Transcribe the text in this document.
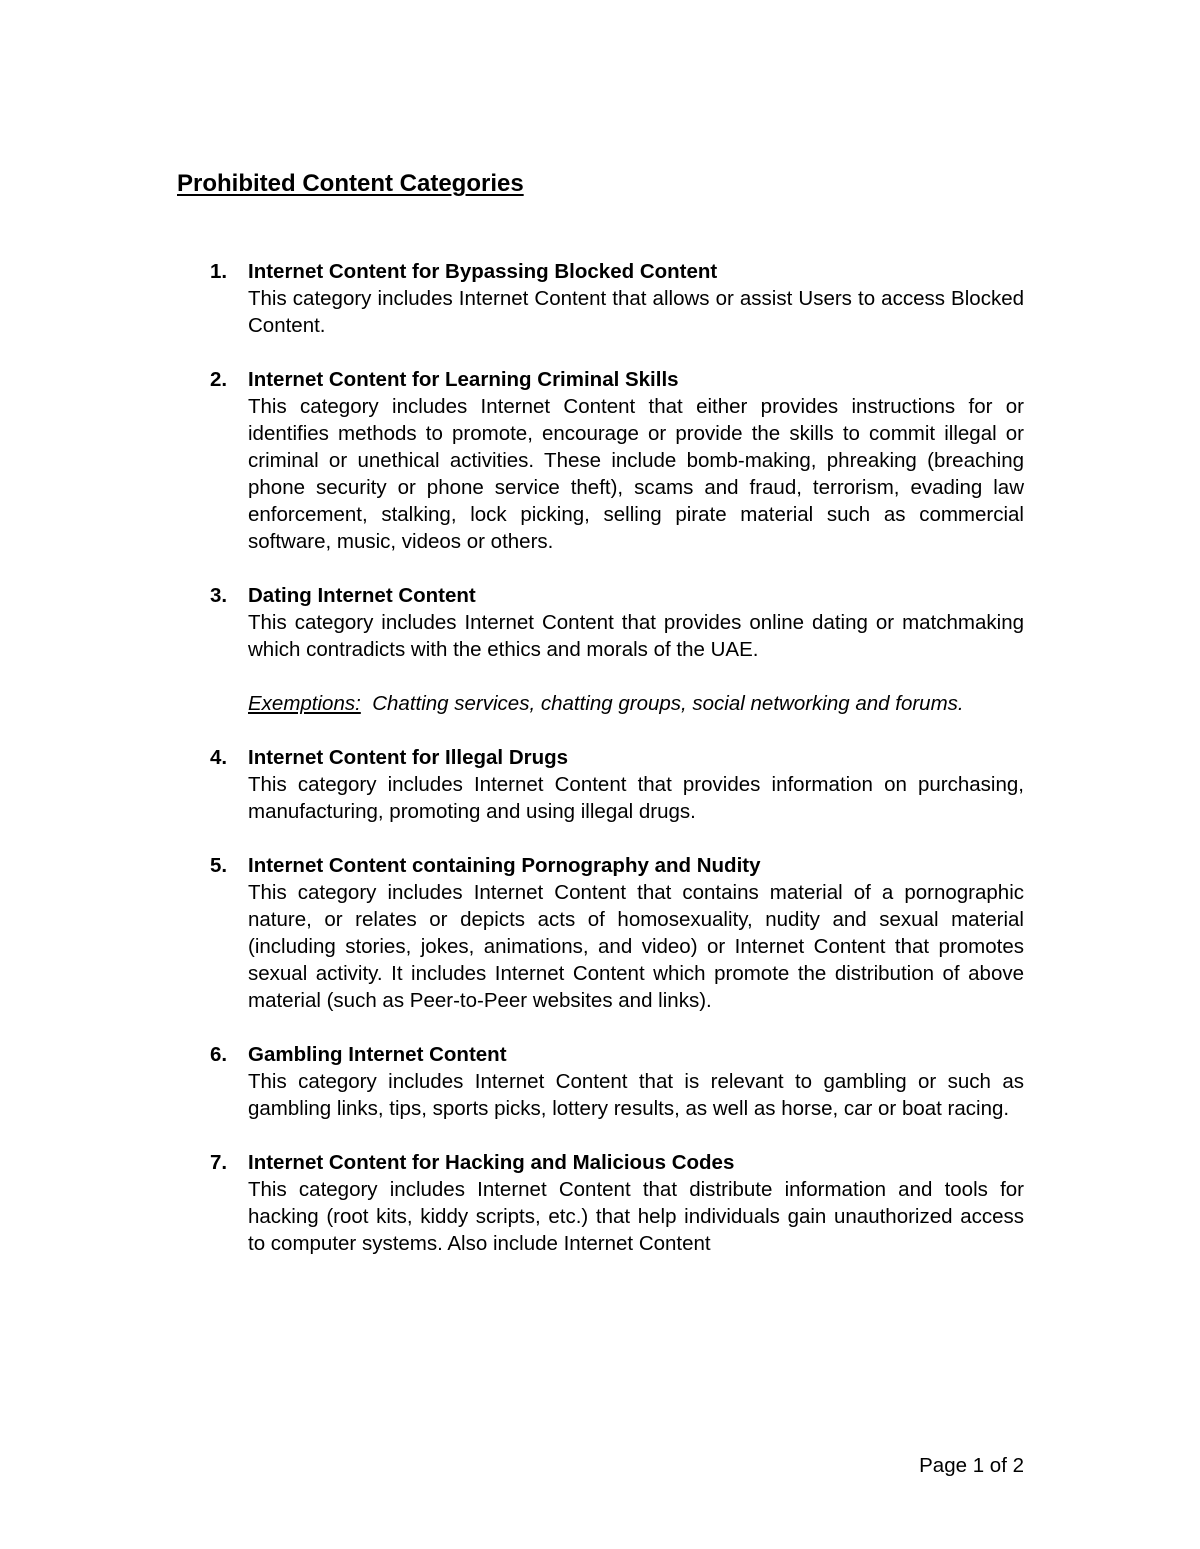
Prohibited Content Categories
1. Internet Content for Bypassing Blocked Content

This category includes Internet Content that allows or assist Users to access Blocked Content.

2. Internet Content for Learning Criminal Skills

This category includes Internet Content that either provides instructions for or identifies methods to promote, encourage or provide the skills to commit illegal or criminal or unethical activities. These include bomb-making, phreaking (breaching phone security or phone service theft), scams and fraud, terrorism, evading law enforcement, stalking, lock picking, selling pirate material such as commercial software, music, videos or others.

3. Dating Internet Content

This category includes Internet Content that provides online dating or matchmaking which contradicts with the ethics and morals of the UAE.

Exemptions: Chatting services, chatting groups, social networking and forums.

4. Internet Content for Illegal Drugs

This category includes Internet Content that provides information on purchasing, manufacturing, promoting and using illegal drugs.

5. Internet Content containing Pornography and Nudity

This category includes Internet Content that contains material of a pornographic nature, or relates or depicts acts of homosexuality, nudity and sexual material (including stories, jokes, animations, and video) or Internet Content that promotes sexual activity. It includes Internet Content which promote the distribution of above material (such as Peer-to-Peer websites and links).

6. Gambling Internet Content

This category includes Internet Content that is relevant to gambling or such as gambling links, tips, sports picks, lottery results, as well as horse, car or boat racing.

7. Internet Content for Hacking and Malicious Codes

This category includes Internet Content that distribute information and tools for hacking (root kits, kiddy scripts, etc.) that help individuals gain unauthorized access to computer systems. Also include Internet Content

Page 1 of 2
